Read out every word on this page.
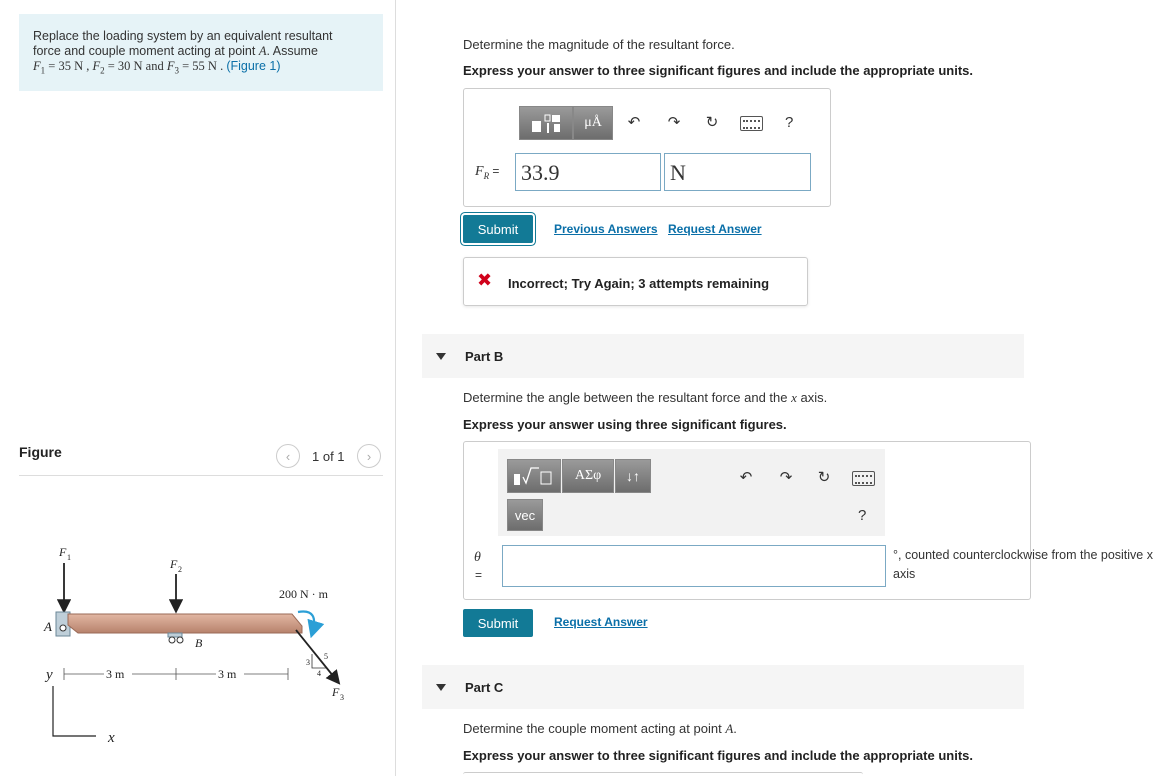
Replace the loading system by an equivalent resultant
force and couple moment acting at point A. Assume
$F_1 = 35$ N , $F_2 = 30$ N and $F_3 = 55$ N . (Figure 1)
Figure	‹ 1 of 1 ›
F 1	F 2
200 N · m
A
B
F 3
3
4
5
3 m	3 m
y
x
Determine the magnitude of the resultant force.
Express your answer to three significant figures and include the appropriate units.
μÅ	↶ ↷ ↻	?
$F_R = 33.9$	N
Submit	Previous Answers Request Answer
✖ Incorrect; Try Again; 3 attempts remaining
Part B
Determine the angle between the resultant force and the x axis.
Express your answer using three significant figures.
ΑΣφ	↓↑
vec
↶ ↷ ↻
?
θ
=
°, counted counterclockwise from the positive x
axis
Submit	Request Answer
Part C
Determine the couple moment acting at point A.
Express your answer to three significant figures and include the appropriate units.
